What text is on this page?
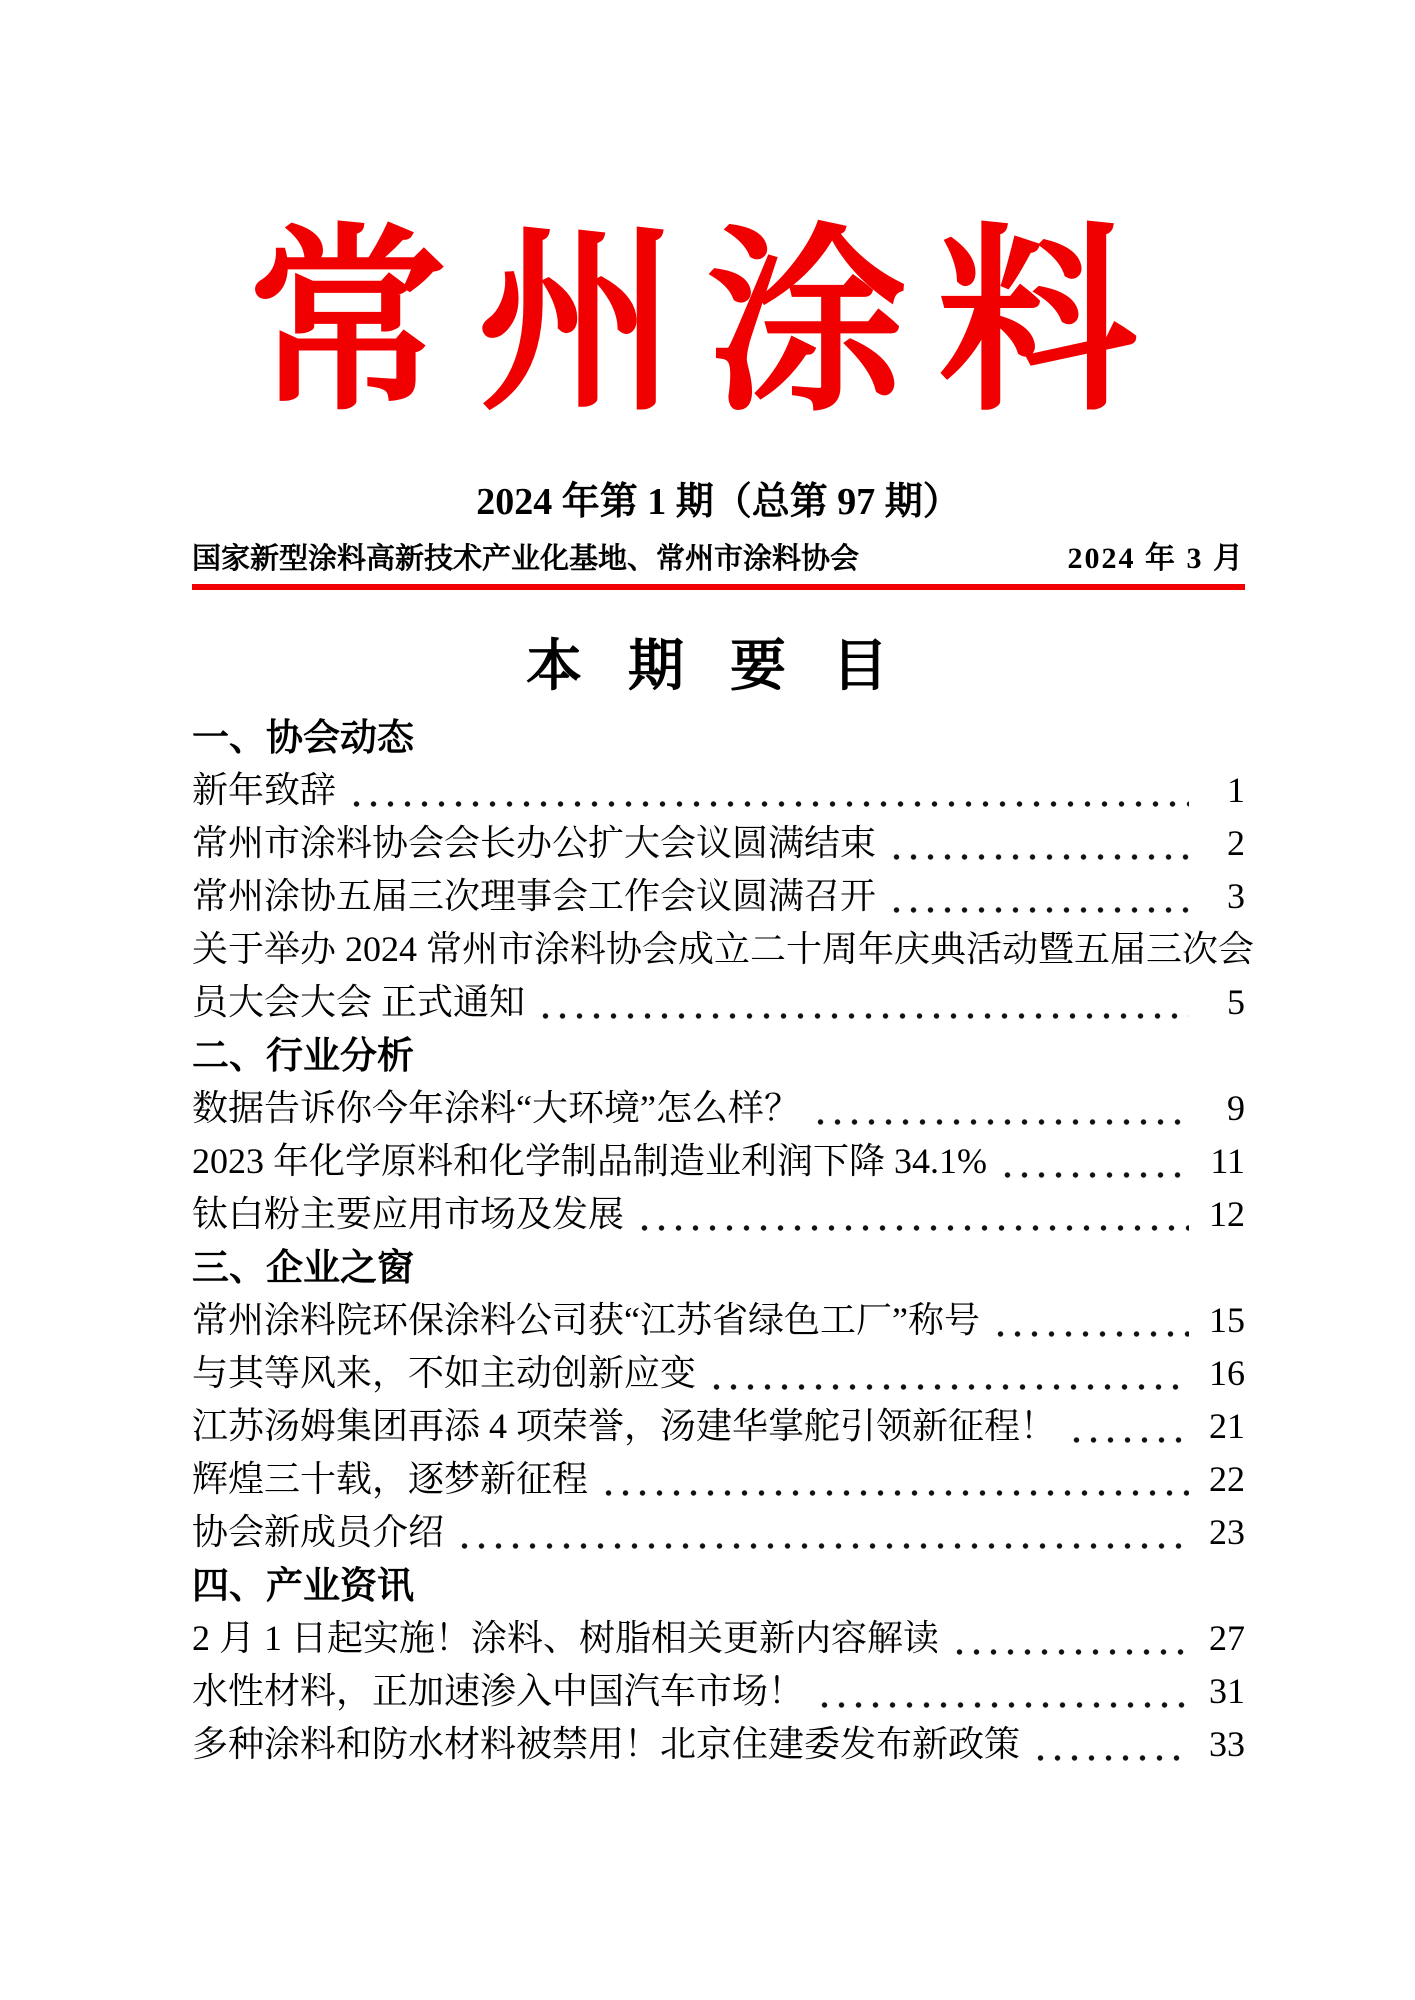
常州涂料
2024 年第 1 期（总第 97 期）
国家新型涂料高新技术产业化基地、常州市涂料协会	2024 年 3 月
本期要目
一、协会动态
新年致辞	1
常州市涂料协会会长办公扩大会议圆满结束	2
常州涂协五届三次理事会工作会议圆满召开	3
关于举办 2024 常州市涂料协会成立二十周年庆典活动暨五届三次会
员大会大会 正式通知	5
二、行业分析
数据告诉你今年涂料“大环境”怎么样？	9
2023 年化学原料和化学制品制造业利润下降 34.1%	11
钛白粉主要应用市场及发展	12
三、企业之窗
常州涂料院环保涂料公司获“江苏省绿色工厂”称号	15
与其等风来，不如主动创新应变	16
江苏汤姆集团再添 4 项荣誉，汤建华掌舵引领新征程！	21
辉煌三十载，逐梦新征程	22
协会新成员介绍	23
四、产业资讯
2 月 1 日起实施！涂料、树脂相关更新内容解读	27
水性材料，正加速渗入中国汽车市场！	31
多种涂料和防水材料被禁用！北京住建委发布新政策	33
